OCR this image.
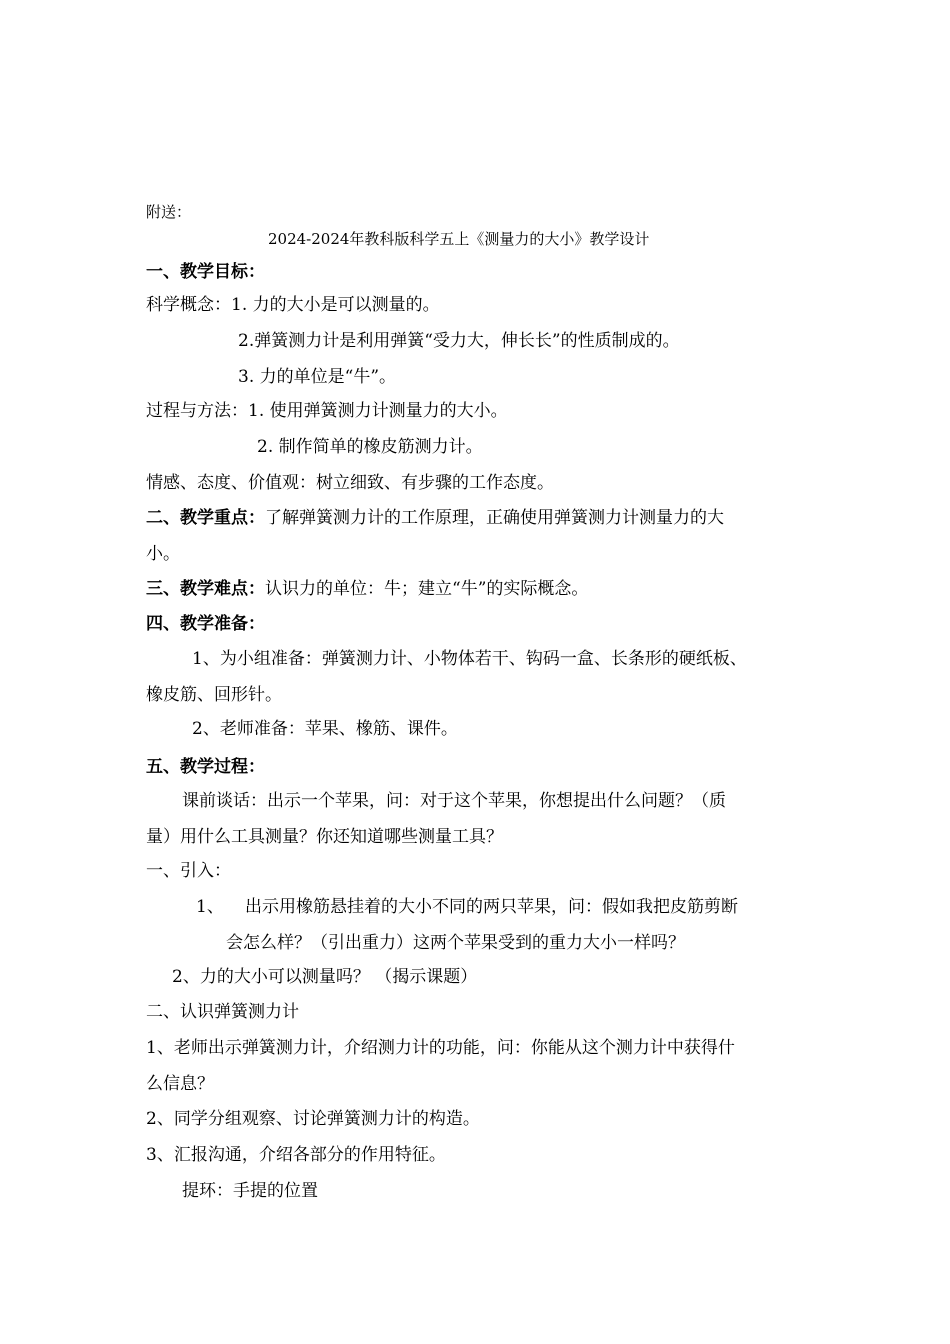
附送：
2024-2024年教科版科学五上《测量力的大小》教学设计
一、教学目标：
科学概念：1. 力的大小是可以测量的。
2.弹簧测力计是利用弹簧“受力大，伸长长”的性质制成的。
3. 力的单位是“牛”。
过程与方法：1. 使用弹簧测力计测量力的大小。
2. 制作简单的橡皮筋测力计。
情感、态度、价值观：树立细致、有步骤的工作态度。
二、教学重点：了解弹簧测力计的工作原理，正确使用弹簧测力计测量力的大
小。
三、教学难点：认识力的单位：牛；建立“牛”的实际概念。
四、教学准备：
1、为小组准备：弹簧测力计、小物体若干、钩码一盒、长条形的硬纸板、
橡皮筋、回形针。
2、老师准备：苹果、橡筋、课件。
五、教学过程：
课前谈话：出示一个苹果，问：对于这个苹果，你想提出什么问题？（质
量）用什么工具测量？你还知道哪些测量工具？
一、引入：
1、 出示用橡筋悬挂着的大小不同的两只苹果，问：假如我把皮筋剪断
会怎么样？（引出重力）这两个苹果受到的重力大小一样吗？
2、力的大小可以测量吗？ （揭示课题）
二、认识弹簧测力计
1、老师出示弹簧测力计，介绍测力计的功能，问：你能从这个测力计中获得什
么信息？
2、同学分组观察、讨论弹簧测力计的构造。
3、汇报沟通，介绍各部分的作用特征。
提环：手提的位置
